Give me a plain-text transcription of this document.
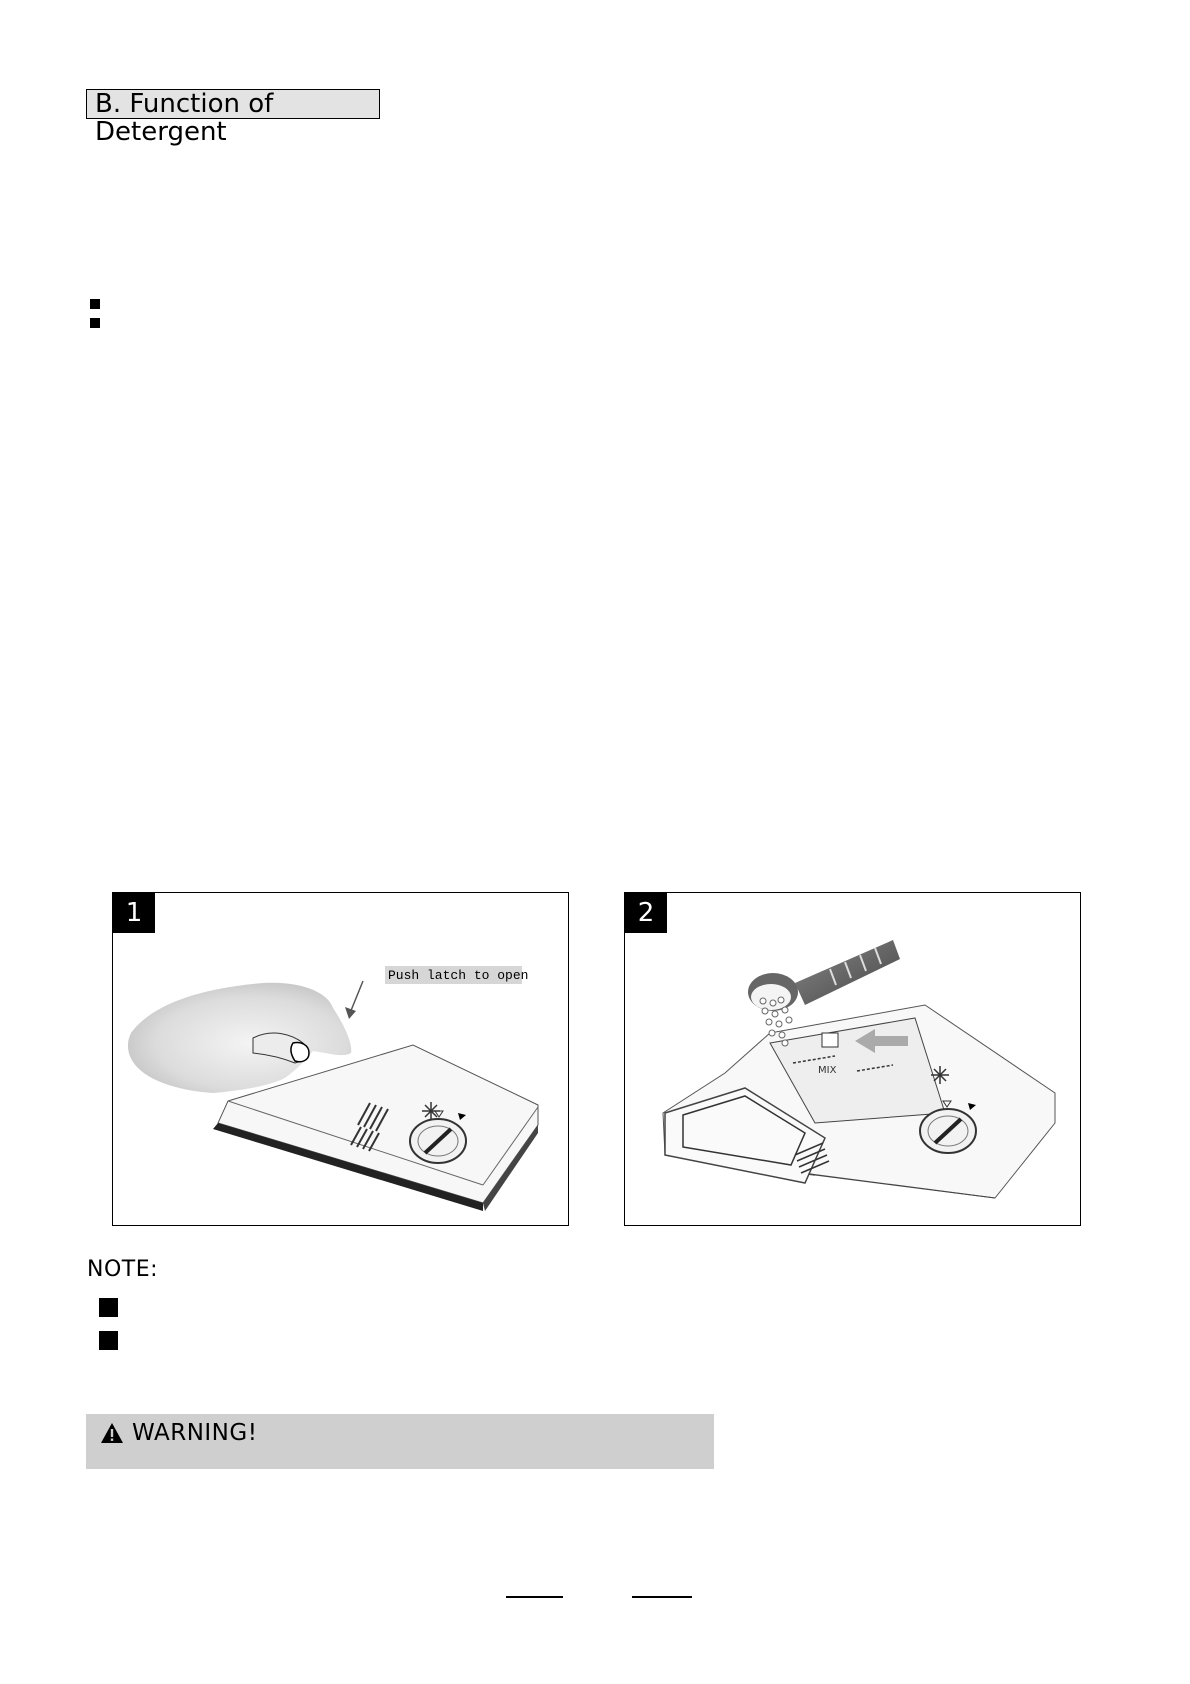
B. Function of Detergent
Push latch to open
1
MIX
2
NOTE:
WARNING!
